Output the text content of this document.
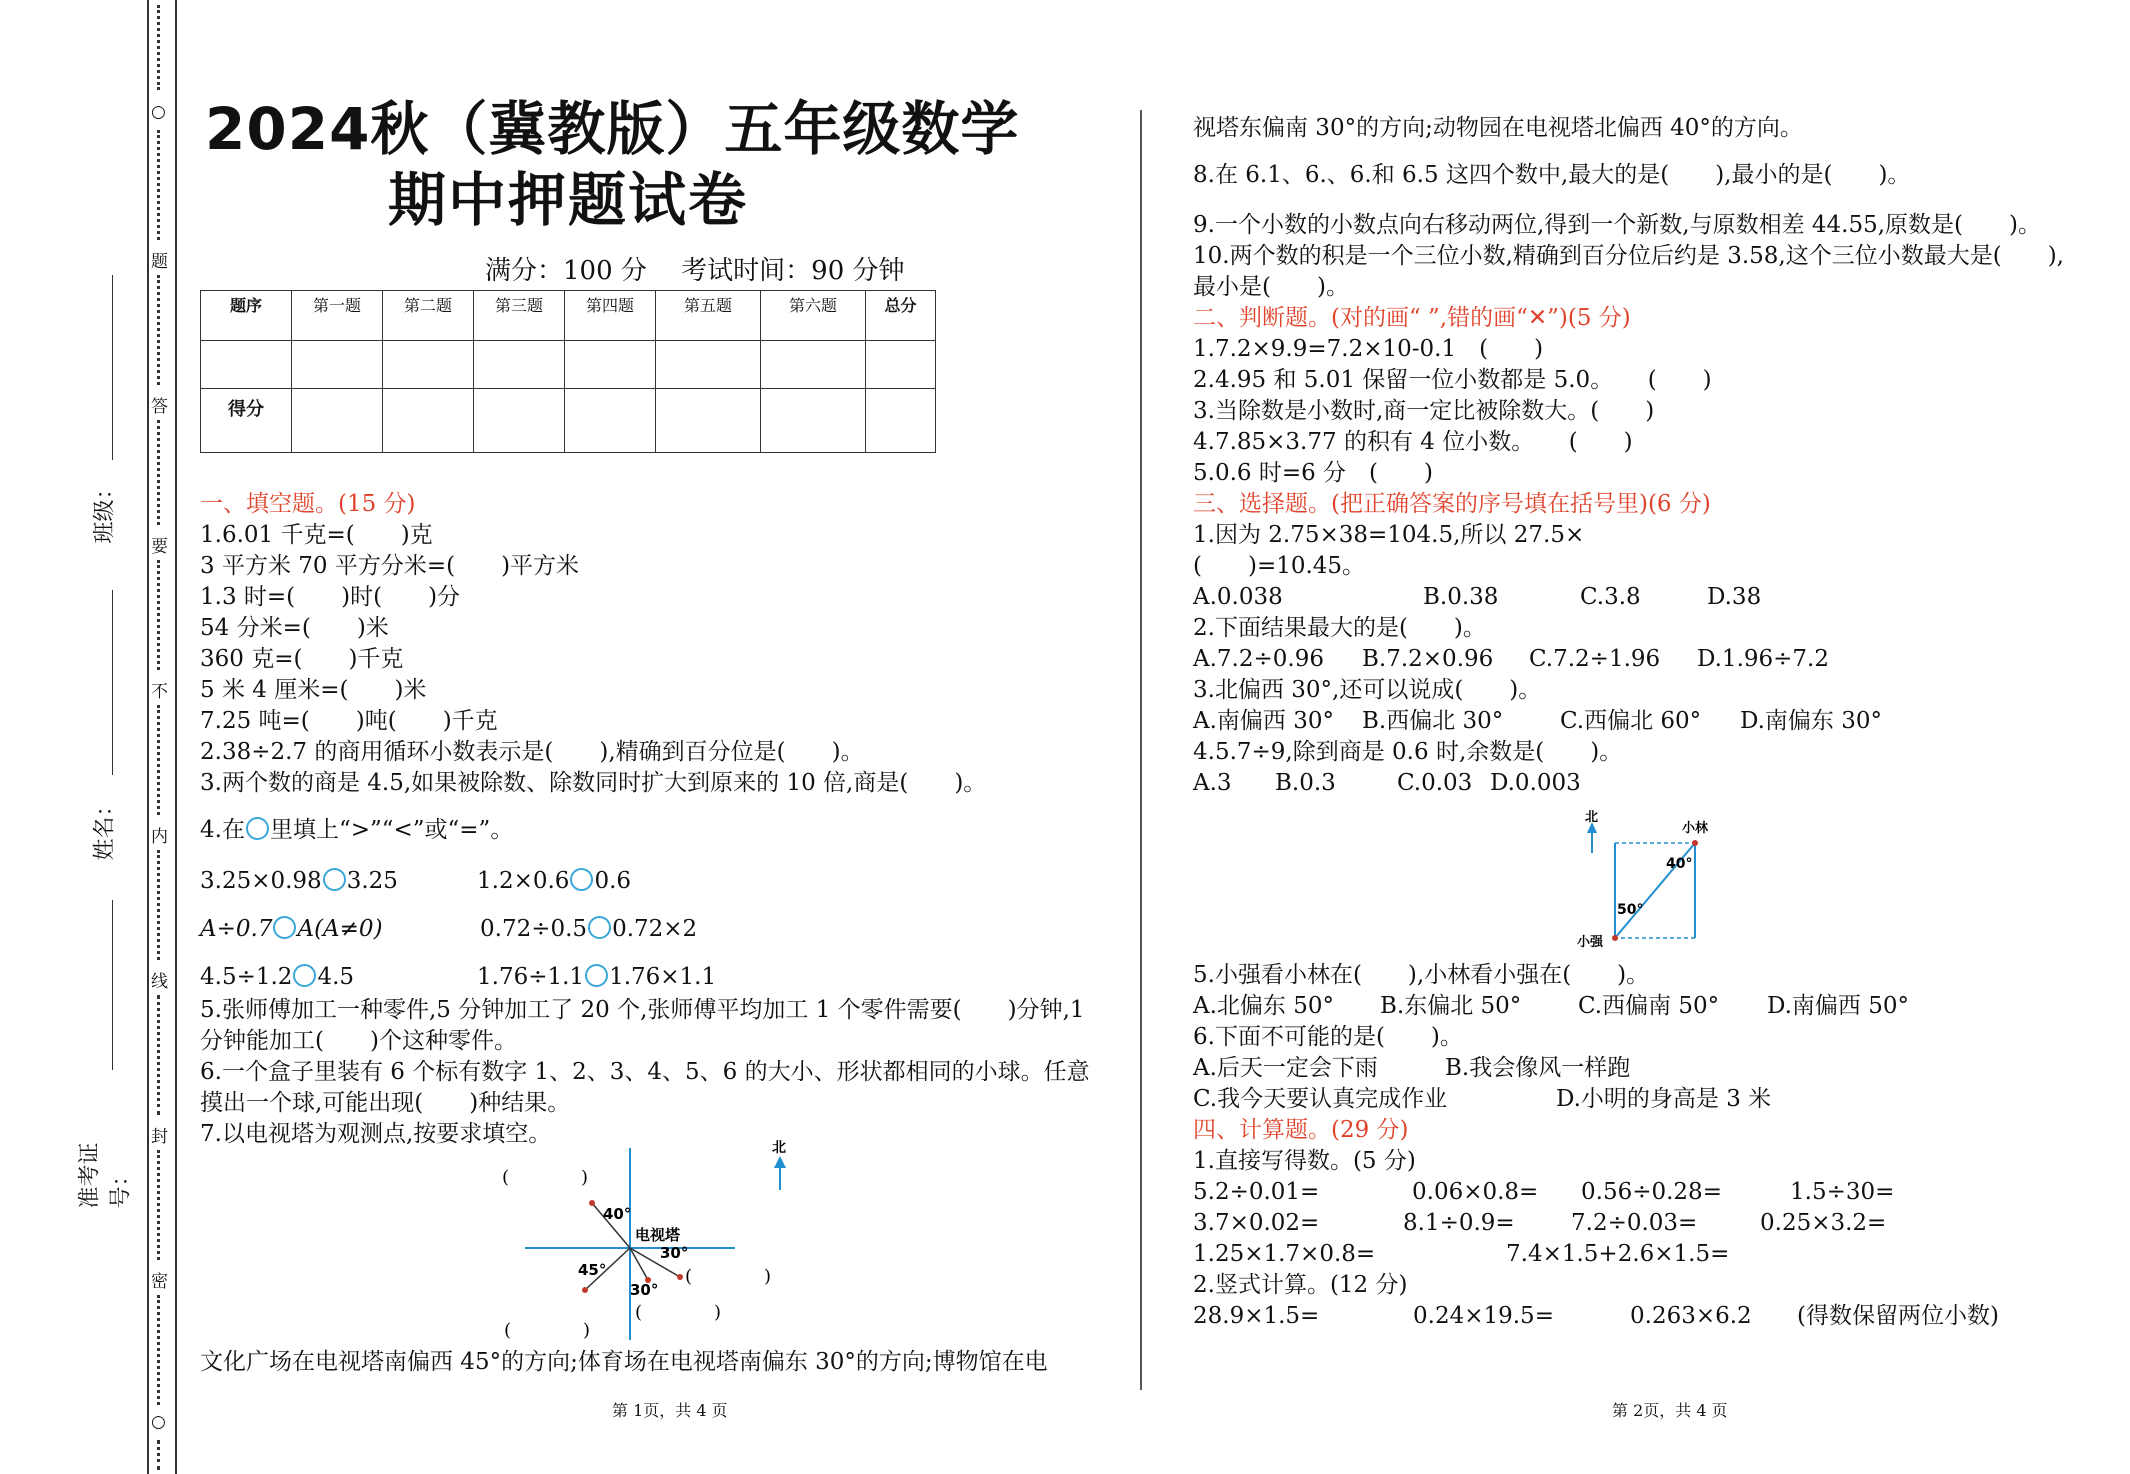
○
题
答
要
不
内
线
封
密
○
班级：
姓名：
准考证号：
2024秋（冀教版）五年级数学
期中押题试卷
满分：100 分 　考试时间：90 分钟
题序	第一题	第二题	第三题	第四题	第五题	第六题	总分

得分							
一、填空题。(15 分)
1.6.01 千克=(　　)克
3 平方米 70 平方分米=(　　)平方米
1.3 时=(　　)时(　　)分
54 分米=(　　)米
360 克=(　　)千克
5 米 4 厘米=(　　)米
7.25 吨=(　　)吨(　　)千克
2.38÷2.7 的商用循环小数表示是(　　),精确到百分位是(　　)。
3.两个数的商是 4.5,如果被除数、除数同时扩大到原来的 10 倍,商是(　　)。
4.在 里填上“>”“<”或“=”。
3.25×0.98 3.25	1.2×0.6 0.6
A÷0.7 A(A≠0)	0.72÷0.5 0.72×2
4.5÷1.2 4.5	1.76÷1.1 1.76×1.1
5.张师傅加工一种零件,5 分钟加工了 20 个,张师傅平均加工 1 个零件需要(　　)分钟,1
分钟能加工(　　)个这种零件。
6.一个盒子里装有 6 个标有数字 1、2、3、4、5、6 的大小、形状都相同的小球。任意
摸出一个球,可能出现(　　)种结果。
7.以电视塔为观测点,按要求填空。
北
40°
30°
45°
30°
电视塔
(　　　　)
(　　　　)
(　　　　)
(　　　　)
文化广场在电视塔南偏西 45°的方向;体育场在电视塔南偏东 30°的方向;博物馆在电
视塔东偏南 30°的方向;动物园在电视塔北偏西 40°的方向。
8.在 6.1、6.、6.和 6.5 这四个数中,最大的是(　　),最小的是(　　)。
9.一个小数的小数点向右移动两位,得到一个新数,与原数相差 44.55,原数是(　　)。
10.两个数的积是一个三位小数,精确到百分位后约是 3.58,这个三位小数最大是(　　),
最小是(　　)。
二、判断题。(对的画“ ”,错的画“✕”)(5 分)
1.7.2×9.9=7.2×10-0.1　(　　)
2.4.95 和 5.01 保留一位小数都是 5.0。　　(　　)
3.当除数是小数时,商一定比被除数大。(　　)
4.7.85×3.77 的积有 4 位小数。　　(　　)
5.0.6 时=6 分　(　　)
三、选择题。(把正确答案的序号填在括号里)(6 分)
1.因为 2.75×38=104.5,所以 27.5×
(　　)=10.45。
A.0.038	B.0.38	C.3.8	D.38
2.下面结果最大的是(　　)。
A.7.2÷0.96 B.7.2×0.96 C.7.2÷1.96 D.1.96÷7.2
3.北偏西 30°,还可以说成(　　)。
A.南偏西 30° B.西偏北 30° C.西偏北 60° D.南偏东 30°
4.5.7÷9,除到商是 0.6 时,余数是(　　)。
A.3 B.0.3	C.0.03 D.0.003
北
小林
小强
40°
50°
5.小强看小林在(　　),小林看小强在(　　)。
A.北偏东 50° B.东偏北 50° C.西偏南 50° D.南偏西 50°
6.下面不可能的是(　　)。
A.后天一定会下雨	B.我会像风一样跑
C.我今天要认真完成作业	D.小明的身高是 3 米
四、计算题。(29 分)
1.直接写得数。(5 分)
5.2÷0.01=	0.06×0.8= 0.56÷0.28=	1.5÷30=
3.7×0.02=	8.1÷0.9= 7.2÷0.03=	0.25×3.2=
1.25×1.7×0.8=	7.4×1.5+2.6×1.5=
2.竖式计算。(12 分)
28.9×1.5=	0.24×19.5=	0.263×6.2 (得数保留两位小数)
第 1页，共 4 页	第 2页，共 4 页
